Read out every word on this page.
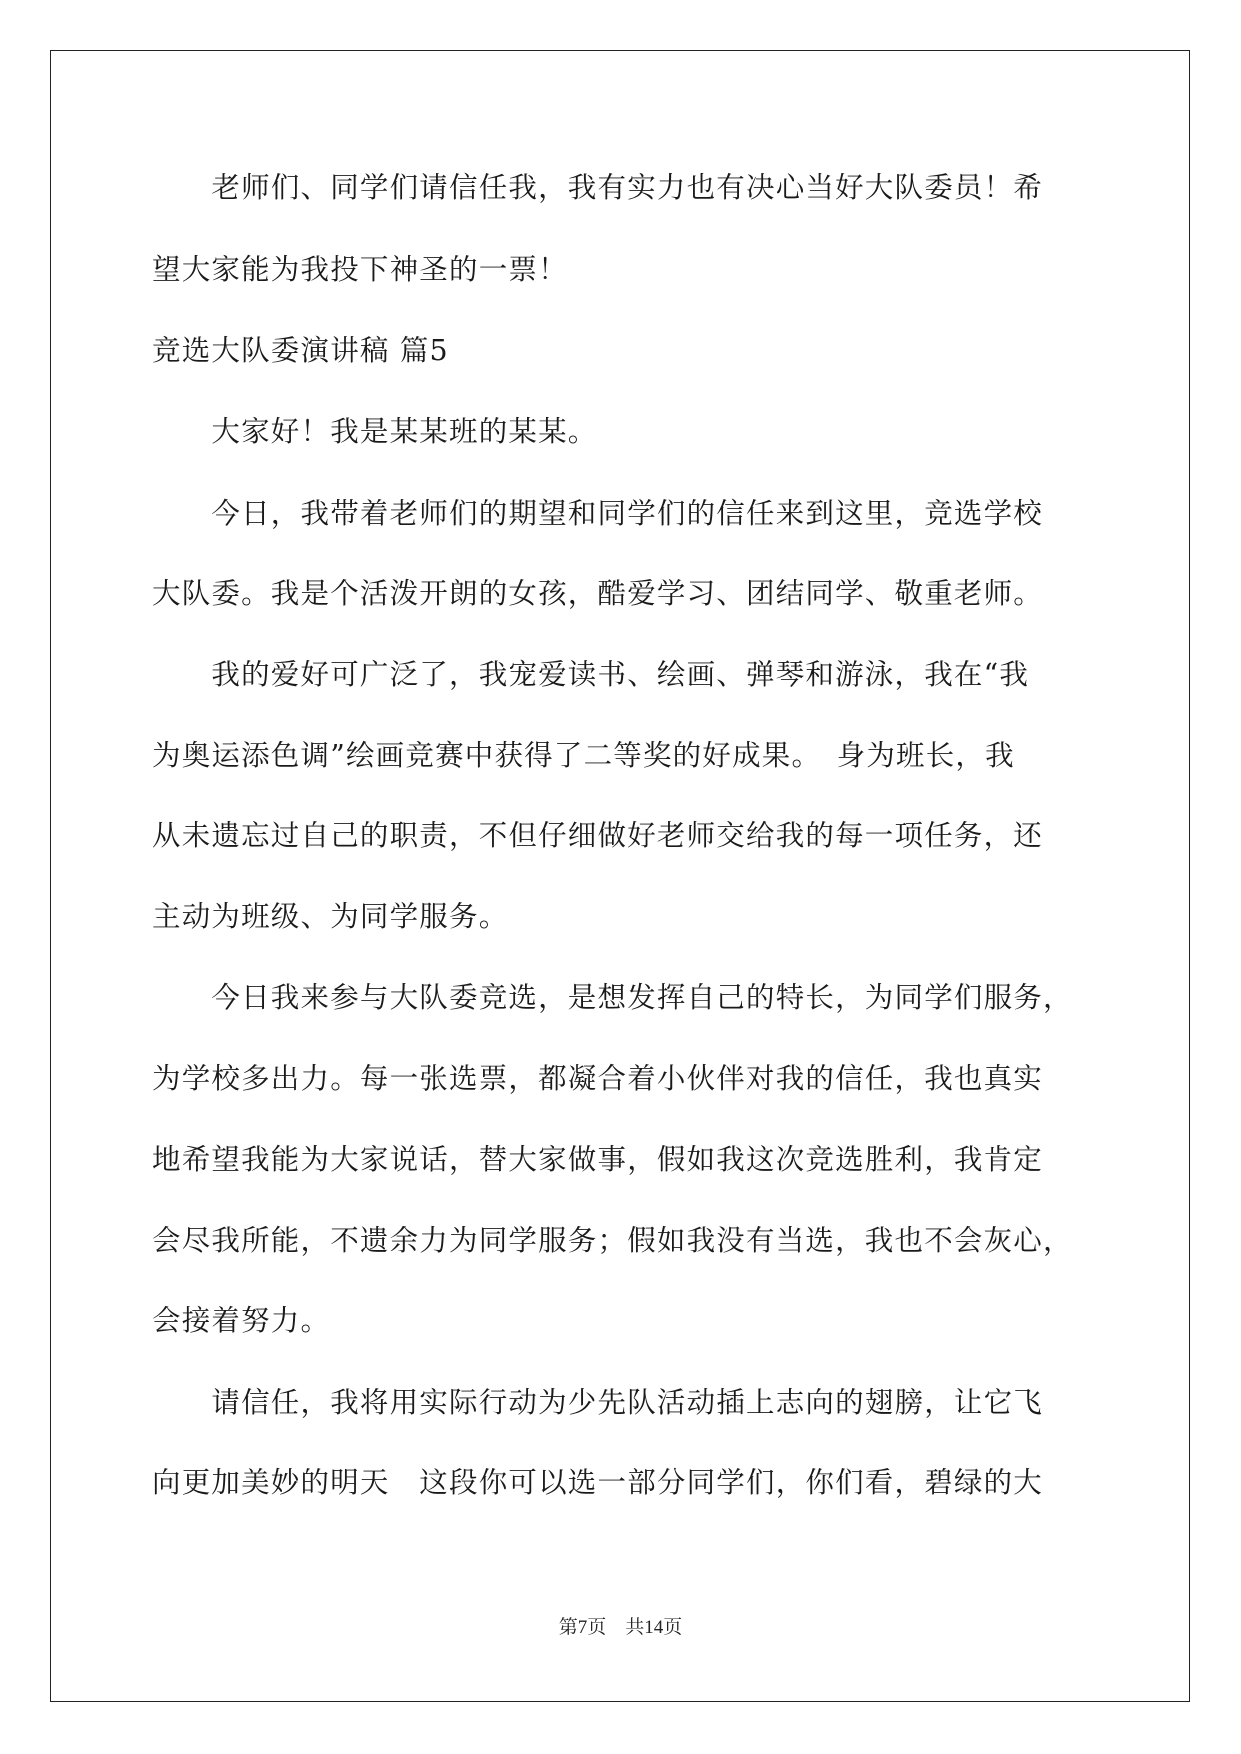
　　老师们、同学们请信任我，我有实力也有决心当好大队委员！希
望大家能为我投下神圣的一票！
竞选大队委演讲稿 篇5
　　大家好！我是某某班的某某。
　　今日，我带着老师们的期望和同学们的信任来到这里，竞选学校
大队委。我是个活泼开朗的女孩，酷爱学习、团结同学、敬重老师。
　　我的爱好可广泛了，我宠爱读书、绘画、弹琴和游泳，我在“我
为奥运添色调”绘画竞赛中获得了二等奖的好成果。　身为班长，我
从未遗忘过自己的职责，不但仔细做好老师交给我的每一项任务，还
主动为班级、为同学服务。
　　今日我来参与大队委竞选，是想发挥自己的特长，为同学们服务，
为学校多出力。每一张选票，都凝合着小伙伴对我的信任，我也真实
地希望我能为大家说话，替大家做事，假如我这次竞选胜利，我肯定
会尽我所能，不遗余力为同学服务；假如我没有当选，我也不会灰心，
会接着努力。
　　请信任，我将用实际行动为少先队活动插上志向的翅膀，让它飞
向更加美妙的明天　这段你可以选一部分同学们，你们看，碧绿的大
第7页　共14页
